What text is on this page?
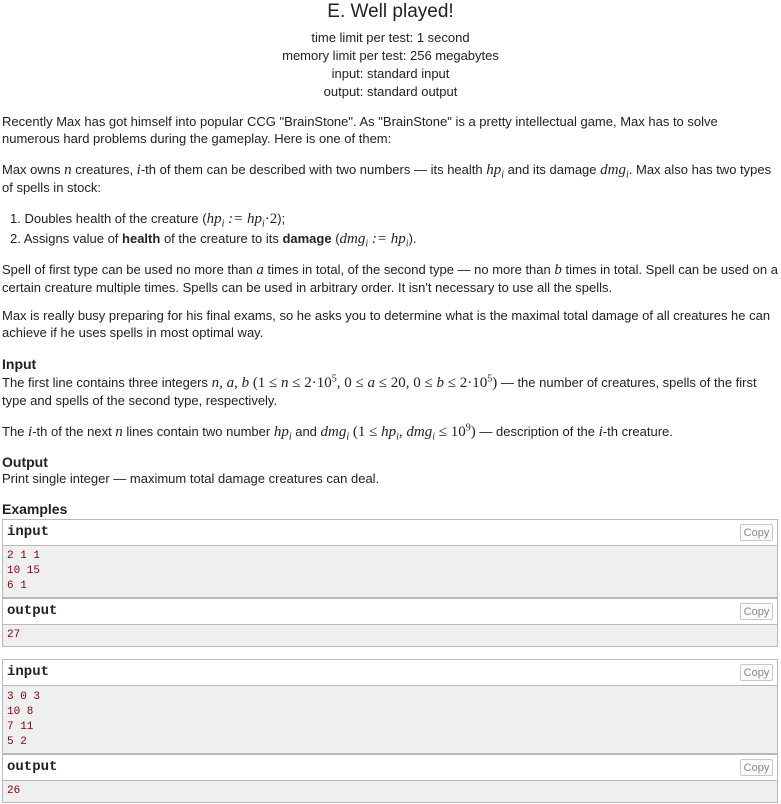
E. Well played!
time limit per test: 1 second
memory limit per test: 256 megabytes
input: standard input
output: standard output
Recently Max has got himself into popular CCG "BrainStone". As "BrainStone" is a pretty intellectual game, Max has to solve numerous hard problems during the gameplay. Here is one of them:
Max owns n creatures, i-th of them can be described with two numbers — its health $hp_i$ and its damage dmg$_i$. Max also has two types of spells in stock:
1. Doubles health of the creature ($hp_i$ := $hp_i\cdot 2$);
2. Assigns value of health of the creature to its damage (dmg$_i$ := $hp_i$).
Spell of first type can be used no more than a times in total, of the second type — no more than b times in total. Spell can be used on a certain creature multiple times. Spells can be used in arbitrary order. It isn't necessary to use all the spells.
Max is really busy preparing for his final exams, so he asks you to determine what is the maximal total damage of all creatures he can achieve if he uses spells in most optimal way.
Input
The first line contains three integers n, a, b ($1 \le n \le 2\cdot 10^5$, 0 ≤ a ≤ 20, $0 \le b \le 2\cdot 10^5$) — the number of creatures, spells of the first type and spells of the second type, respectively.
The i-th of the next n lines contain two number $hp_i$ and dmg$_i$ ($1 \le hp_i$, $dmg_i \le 10^9$) — description of the i-th creature.
Output
Print single integer — maximum total damage creatures can deal.
Examples
input	Copy
2 1 1
10 15
6 1
output	Copy
27
input	Copy
3 0 3
10 8
7 11
5 2
output	Copy
26
